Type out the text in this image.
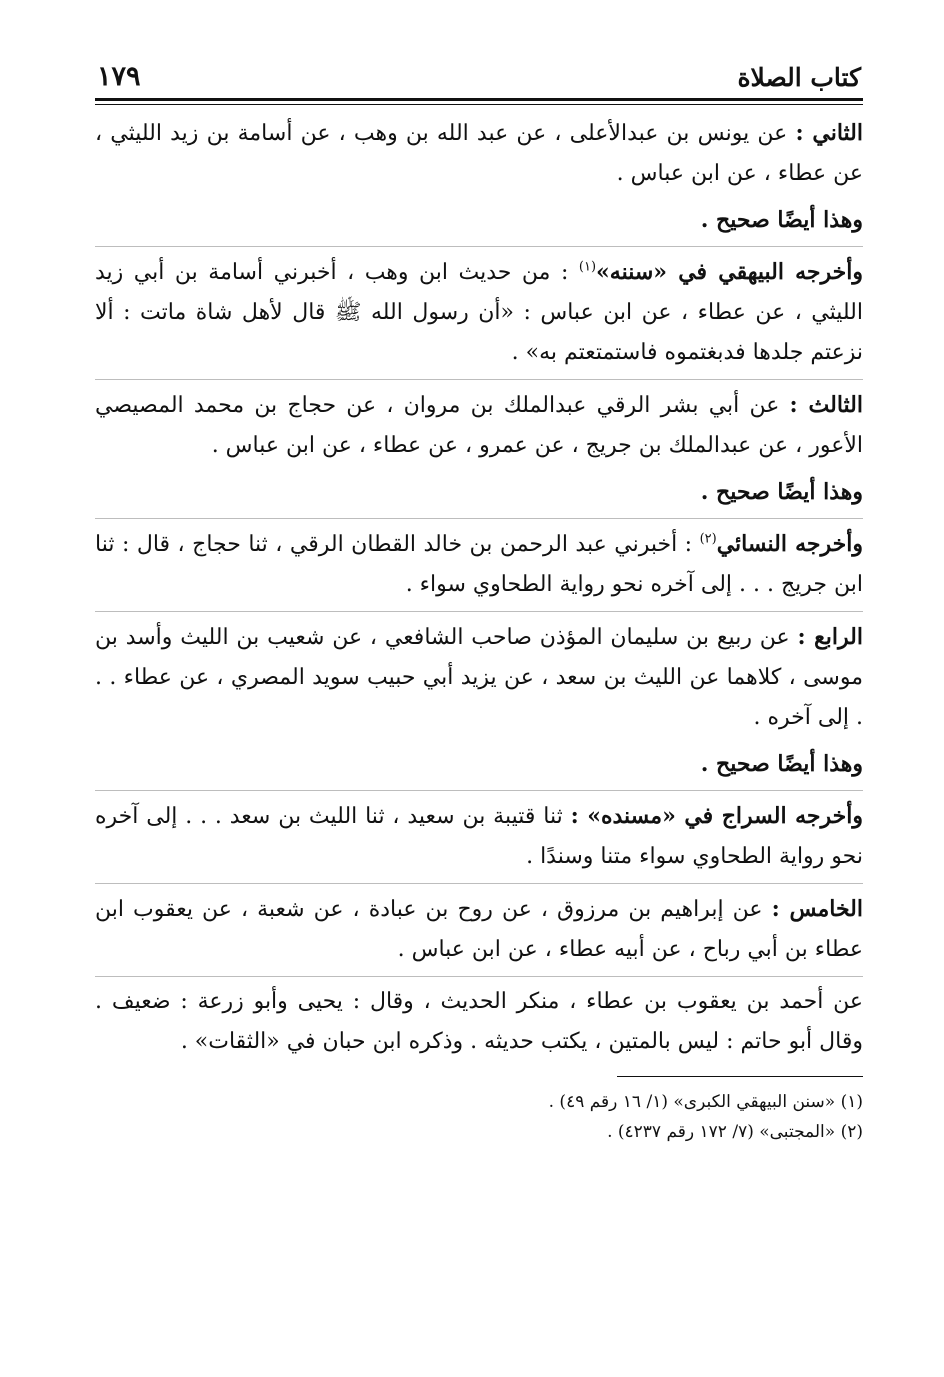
كتاب الصلاة
١٧٩

الثاني : عن يونس بن عبدالأعلى ، عن عبد الله بن وهب ، عن أسامة بن زيد الليثي ، عن عطاء ، عن ابن عباس .

وهذا أيضًا صحيح .

وأخرجه البيهقي في «سننه»$^{(١)}$ : من حديث ابن وهب ، أخبرني أسامة بن أبي زيد الليثي ، عن عطاء ، عن ابن عباس : «أن رسول الله ﷺ قال لأهل شاة ماتت : ألا نزعتم جلدها فدبغتموه فاستمتعتم به» .

الثالث : عن أبي بشر الرقي عبدالملك بن مروان ، عن حجاج بن محمد المصيصي الأعور ، عن عبدالملك بن جريج ، عن عمرو ، عن عطاء ، عن ابن عباس .

وهذا أيضًا صحيح .

وأخرجه النسائي$^{(٢)}$ : أخبرني عبد الرحمن بن خالد القطان الرقي ، ثنا حجاج ، قال : ثنا ابن جريج . . . إلى آخره نحو رواية الطحاوي سواء .

الرابع : عن ربيع بن سليمان المؤذن صاحب الشافعي ، عن شعيب بن الليث وأسد بن موسى ، كلاهما عن الليث بن سعد ، عن يزيد أبي حبيب سويد المصري ، عن عطاء . . . إلى آخره .

وهذا أيضًا صحيح .

وأخرجه السراج في «مسنده» : ثنا قتيبة بن سعيد ، ثنا الليث بن سعد . . . إلى آخره نحو رواية الطحاوي سواء متنا وسندًا .

الخامس : عن إبراهيم بن مرزوق ، عن روح بن عبادة ، عن شعبة ، عن يعقوب ابن عطاء بن أبي رباح ، عن أبيه عطاء ، عن ابن عباس .

عن أحمد بن يعقوب بن عطاء ، منكر الحديث ، وقال : يحيى وأبو زرعة : ضعيف . وقال أبو حاتم : ليس بالمتين ، يكتب حديثه . وذكره ابن حبان في «الثقات» .

(١) «سنن البيهقي الكبرى» (١/ ١٦ رقم ٤٩) .

(٢) «المجتبى» (٧/ ١٧٢ رقم ٤٢٣٧) .
